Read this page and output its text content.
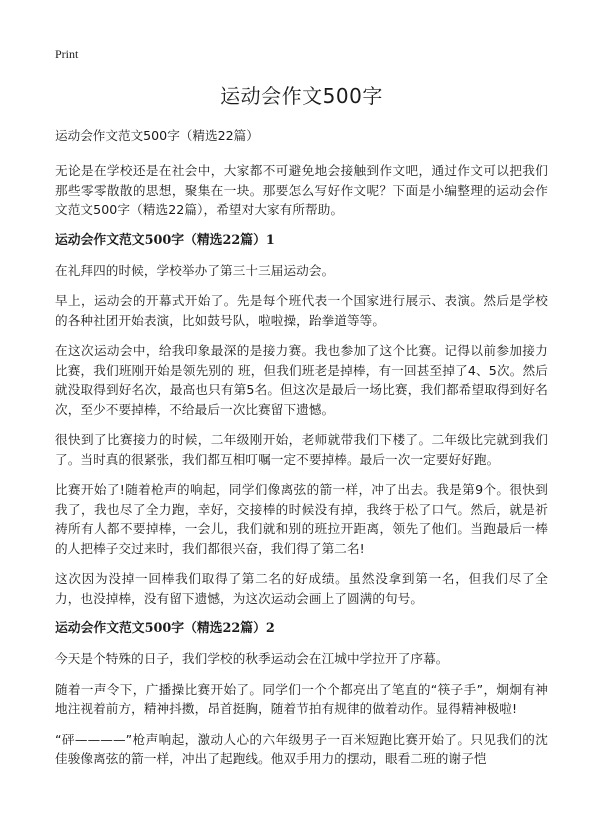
Print
运动会作文500字
运动会作文范文500字（精选22篇）

无论是在学校还是在社会中，大家都不可避免地会接触到作文吧，通过作文可以把我们那些零零散散的思想，聚集在一块。那要怎么写好作文呢？下面是小编整理的运动会作文范文500字（精选22篇），希望对大家有所帮助。

运动会作文范文500字（精选22篇）1

在礼拜四的时候，学校举办了第三十三届运动会。

早上，运动会的开幕式开始了。先是每个班代表一个国家进行展示、表演。然后是学校的各种社团开始表演，比如鼓号队，啦啦操，跆拳道等等。

在这次运动会中，给我印象最深的是接力赛。我也参加了这个比赛。记得以前参加接力比赛，我们班刚开始是领先别的 班，但我们班老是掉棒，有一回甚至掉了4、5次。然后就没取得到好名次，最高也只有第5名。但这次是最后一场比赛，我们都希望取得到好名次，至少不要掉棒，不给最后一次比赛留下遗憾。

很快到了比赛接力的时候，二年级刚开始，老师就带我们下楼了。二年级比完就到我们了。当时真的很紧张，我们都互相叮嘱一定不要掉棒。最后一次一定要好好跑。

比赛开始了!随着枪声的响起，同学们像离弦的箭一样，冲了出去。我是第9个。很快到我了，我也尽了全力跑，幸好，交接棒的时候没有掉，我终于松了口气。然后，就是祈祷所有人都不要掉棒，一会儿，我们就和别的班拉开距离，领先了他们。当跑最后一棒的人把棒子交过来时，我们都很兴奋，我们得了第二名!

这次因为没掉一回棒我们取得了第二名的好成绩。虽然没拿到第一名，但我们尽了全力，也没掉棒，没有留下遗憾，为这次运动会画上了圆满的句号。

运动会作文范文500字（精选22篇）2

今天是个特殊的日子，我们学校的秋季运动会在江城中学拉开了序幕。

随着一声令下，广播操比赛开始了。同学们一个个都亮出了笔直的“筷子手”，炯炯有神地注视着前方，精神抖擞，昂首挺胸，随着节拍有规律的做着动作。显得精神极啦!

“砰————”枪声响起，激动人心的六年级男子一百米短跑比赛开始了。只见我们的沈佳骏像离弦的箭一样，冲出了起跑线。他双手用力的摆动，眼看二班的谢子恺
